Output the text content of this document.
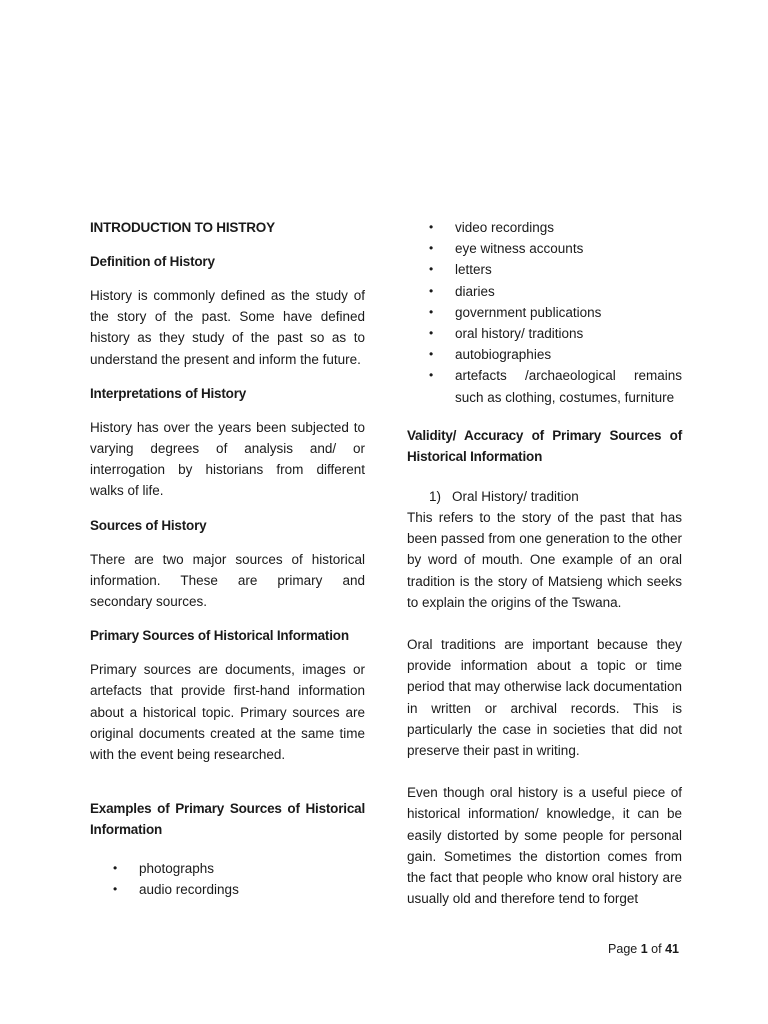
INTRODUCTION TO HISTROY
Definition of History
History is commonly defined as the study of the story of the past. Some have defined history as they study of the past so as to understand the present and inform the future.
Interpretations of History
History has over the years been subjected to varying degrees of analysis and/ or interrogation by historians from different walks of life.
Sources of History
There are two major sources of historical information. These are primary and secondary sources.
Primary Sources of Historical Information
Primary sources are documents, images or artefacts that provide first-hand information about a historical topic. Primary sources are original documents created at the same time with the event being researched.
Examples of Primary Sources of Historical Information
• photographs
• audio recordings
• video recordings
• eye witness accounts
• letters
• diaries
• government publications
• oral history/ traditions
• autobiographies
• artefacts /archaeological remains such as clothing, costumes, furniture
Validity/ Accuracy of Primary Sources of Historical Information
1) Oral History/ tradition
This refers to the story of the past that has been passed from one generation to the other by word of mouth. One example of an oral tradition is the story of Matsieng which seeks to explain the origins of the Tswana.
Oral traditions are important because they provide information about a topic or time period that may otherwise lack documentation in written or archival records. This is particularly the case in societies that did not preserve their past in writing.
Even though oral history is a useful piece of historical information/ knowledge, it can be easily distorted by some people for personal gain. Sometimes the distortion comes from the fact that people who know oral history are usually old and therefore tend to forget
Page 1 of 41
